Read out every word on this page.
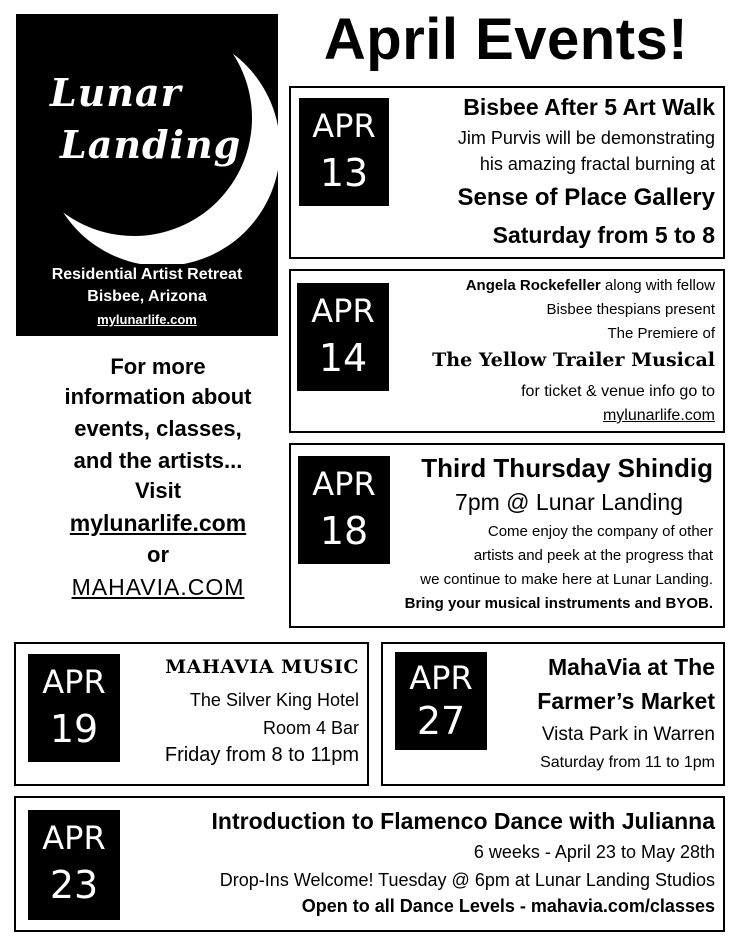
April Events!
Lunar
Landing
Residential Artist Retreat
Bisbee, Arizona
mylunarlife.com
For more
information about
events, classes,
and the artists...
Visit
mylunarlife.com
or
MAHAVIA.COM
APR
13
Bisbee After 5 Art Walk
Jim Purvis will be demonstrating
his amazing fractal burning at
Sense of Place Gallery
Saturday from 5 to 8
APR
14
Angela Rockefeller along with fellow
Bisbee thespians present
The Premiere of
The Yellow Trailer Musical
for ticket & venue info go to
mylunarlife.com
APR
18
Third Thursday Shindig
7pm @ Lunar Landing
Come enjoy the company of other
artists and peek at the progress that
we continue to make here at Lunar Landing.
Bring your musical instruments and BYOB.
APR
19
MAHAVIA MUSIC
The Silver King Hotel
Room 4 Bar
Friday from 8 to 11pm
APR
27
MahaVia at The
Farmer’s Market
Vista Park in Warren
Saturday from 11 to 1pm
APR
23
Introduction to Flamenco Dance with Julianna
6 weeks - April 23 to May 28th
Drop-Ins Welcome! Tuesday @ 6pm at Lunar Landing Studios
Open to all Dance Levels - mahavia.com/classes
